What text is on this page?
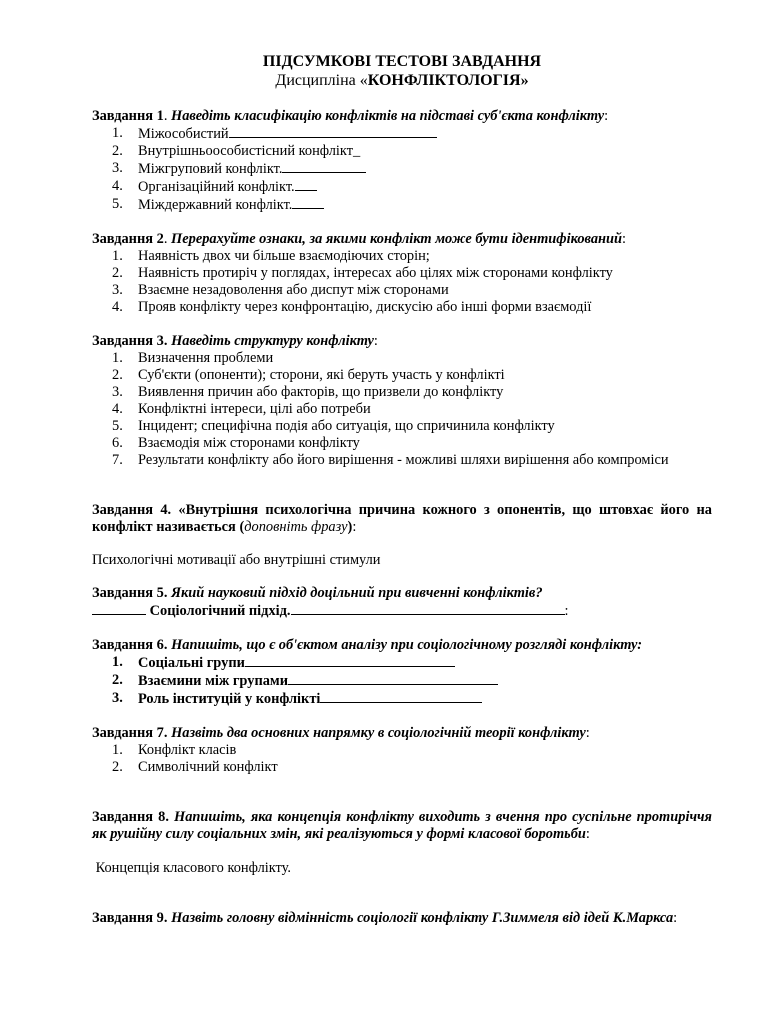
ПІДСУМКОВІ ТЕСТОВІ ЗАВДАННЯ
Дисципліна «КОНФЛІКТОЛОГІЯ»

Завдання 1. Наведіть класифікацію конфліктів на підставі суб'єкта конфлікту:

1.	Міжособистий
2.	Внутрішньоособистісний конфлікт_
3.	Міжгруповий конфлікт.
4.	Організаційний конфлікт.
5.	Міждержавний конфлікт.

Завдання 2. Перерахуйте ознаки, за якими конфлікт може бути ідентифікований:

1.	Наявність двох чи більше взаємодіючих сторін;
2.	Наявність протиріч у поглядах, інтересах або цілях між сторонами конфлікту
3.	Взаємне незадоволення або диспут між сторонами
4.	Прояв конфлікту через конфронтацію, дискусію або інші форми взаємодії

Завдання 3. Наведіть структуру конфлікту:

1.	Визначення проблеми
2.	Суб'єкти (опоненти); сторони, які беруть участь у конфлікті
3.	Виявлення причин або факторів, що призвели до конфлікту
4.	Конфліктні інтереси, цілі або потреби
5.	Інцидент; специфічна подія або ситуація, що спричинила конфлікту
6.	Взаємодія між сторонами конфлікту
7.	Результати конфлікту або його вирішення - можливі шляхи вирішення або компроміси

Завдання 4. «Внутрішня психологічна причина кожного з опонентів, що штовхає його на конфлікт називається (доповніть фразу):

Психологічні мотивації або внутрішні стимули

Завдання 5. Який науковий підхід доцільний при вивченні конфліктів?

Соціологічний підхід.	:

Завдання 6. Напишіть, що є об'єктом аналізу при соціологічному розгляді конфлікту:

1.	Соціальні групи
2.	Взаємини між групами
3.	Роль інституцій у конфлікті

Завдання 7. Назвіть два основних напрямку в соціологічній теорії конфлікту:

1.	Конфлікт класів
2.	Символічний конфлікт

Завдання 8. Напишіть, яка концепція конфлікту виходить з вчення про суспільне протиріччя як рушійну силу соціальних змін, які реалізуються у формі класової боротьби:

Концепція класового конфлікту.

Завдання 9. Назвіть головну відмінність соціології конфлікту Г.Зиммеля від ідей К.Маркса:
